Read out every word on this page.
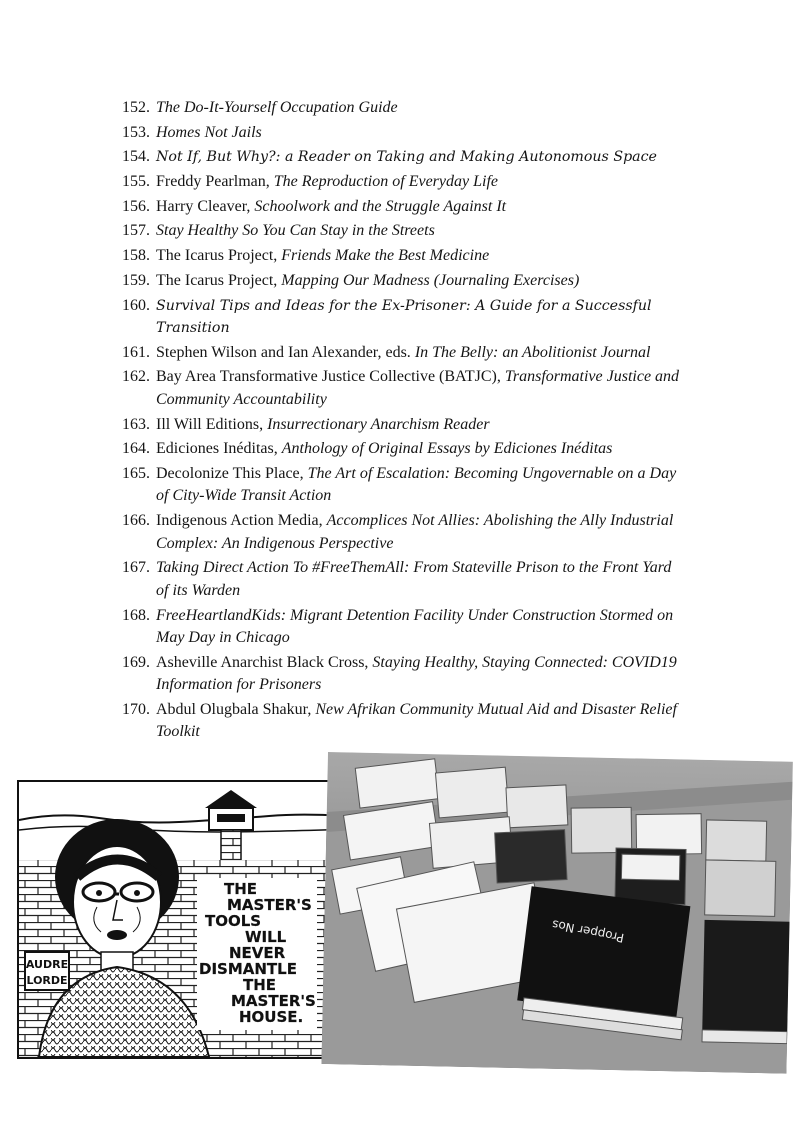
152. The Do-It-Yourself Occupation Guide
153. Homes Not Jails
154. Not If, But Why?: a Reader on Taking and Making Autonomous Space
155. Freddy Pearlman, The Reproduction of Everyday Life
156. Harry Cleaver, Schoolwork and the Struggle Against It
157. Stay Healthy So You Can Stay in the Streets
158. The Icarus Project, Friends Make the Best Medicine
159. The Icarus Project, Mapping Our Madness (Journaling Exercises)
160. Survival Tips and Ideas for the Ex-Prisoner: A Guide for a Successful Transition
161. Stephen Wilson and Ian Alexander, eds. In The Belly: an Abolitionist Journal
162. Bay Area Transformative Justice Collective (BATJC), Transformative Justice and Community Accountability
163. Ill Will Editions, Insurrectionary Anarchism Reader
164. Ediciones Inéditas, Anthology of Original Essays by Ediciones Inéditas
165. Decolonize This Place, The Art of Escalation: Becoming Ungovernable on a Day of City-Wide Transit Action
166. Indigenous Action Media, Accomplices Not Allies: Abolishing the Ally Industrial Complex: An Indigenous Perspective
167. Taking Direct Action To #FreeThemAll: From Stateville Prison to the Front Yard of its Warden
168. FreeHeartlandKids: Migrant Detention Facility Under Construction Stormed on May Day in Chicago
169. Asheville Anarchist Black Cross, Staying Healthy, Staying Connected: COVID19 Information for Prisoners
170. Abdul Olugbala Shakur, New Afrikan Community Mutual Aid and Disaster Relief Toolkit
AUDRE
LORDE
THE
MASTER'S
TOOLS
WILL
NEVER
DISMANTLE
THE
MASTER'S
HOUSE.
Propper Nos
